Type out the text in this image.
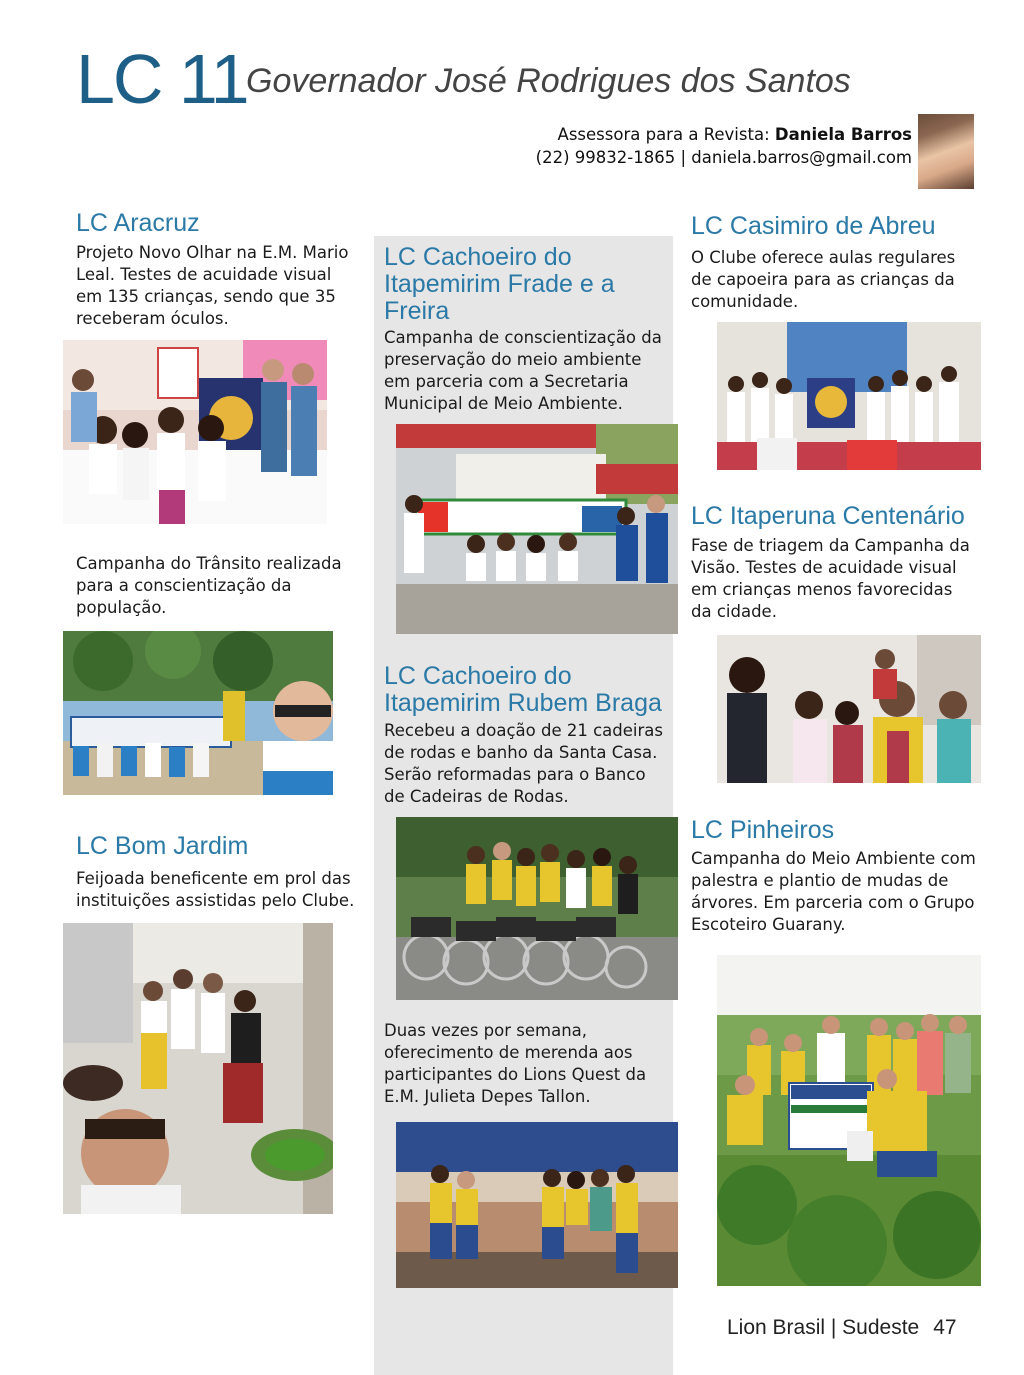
LC 11
Governador José Rodrigues dos Santos
Assessora para a Revista: Daniela Barros
(22) 99832-1865 | daniela.barros@gmail.com
LC Aracruz
Projeto Novo Olhar na E.M. Mario Leal. Testes de acuidade visual em 135 crianças, sendo que 35 receberam óculos.
Campanha do Trânsito realizada para a conscientização da população.
LC Bom Jardim
Feijoada beneficente em prol das instituições assistidas pelo Clube.
LC Cachoeiro do Itapemirim Frade e a Freira
Campanha de conscientização da preservação do meio ambiente em parceria com a Secretaria Municipal de Meio Ambiente.
LC Cachoeiro do Itapemirim Rubem Braga
Recebeu a doação de 21 cadeiras de rodas e banho da Santa Casa. Serão reformadas para o Banco de Cadeiras de Rodas.
Duas vezes por semana, oferecimento de merenda aos participantes do Lions Quest da E.M. Julieta Depes Tallon.
LC Casimiro de Abreu
O Clube oferece aulas regulares de capoeira para as crianças da comunidade.
LC Itaperuna Centenário
Fase de triagem da Campanha da Visão. Testes de acuidade visual em crianças menos favorecidas da cidade.
LC Pinheiros
Campanha do Meio Ambiente com palestra e plantio de mudas de árvores. Em parceria com o Grupo Escoteiro Guarany.
Lion Brasil | Sudeste 47
